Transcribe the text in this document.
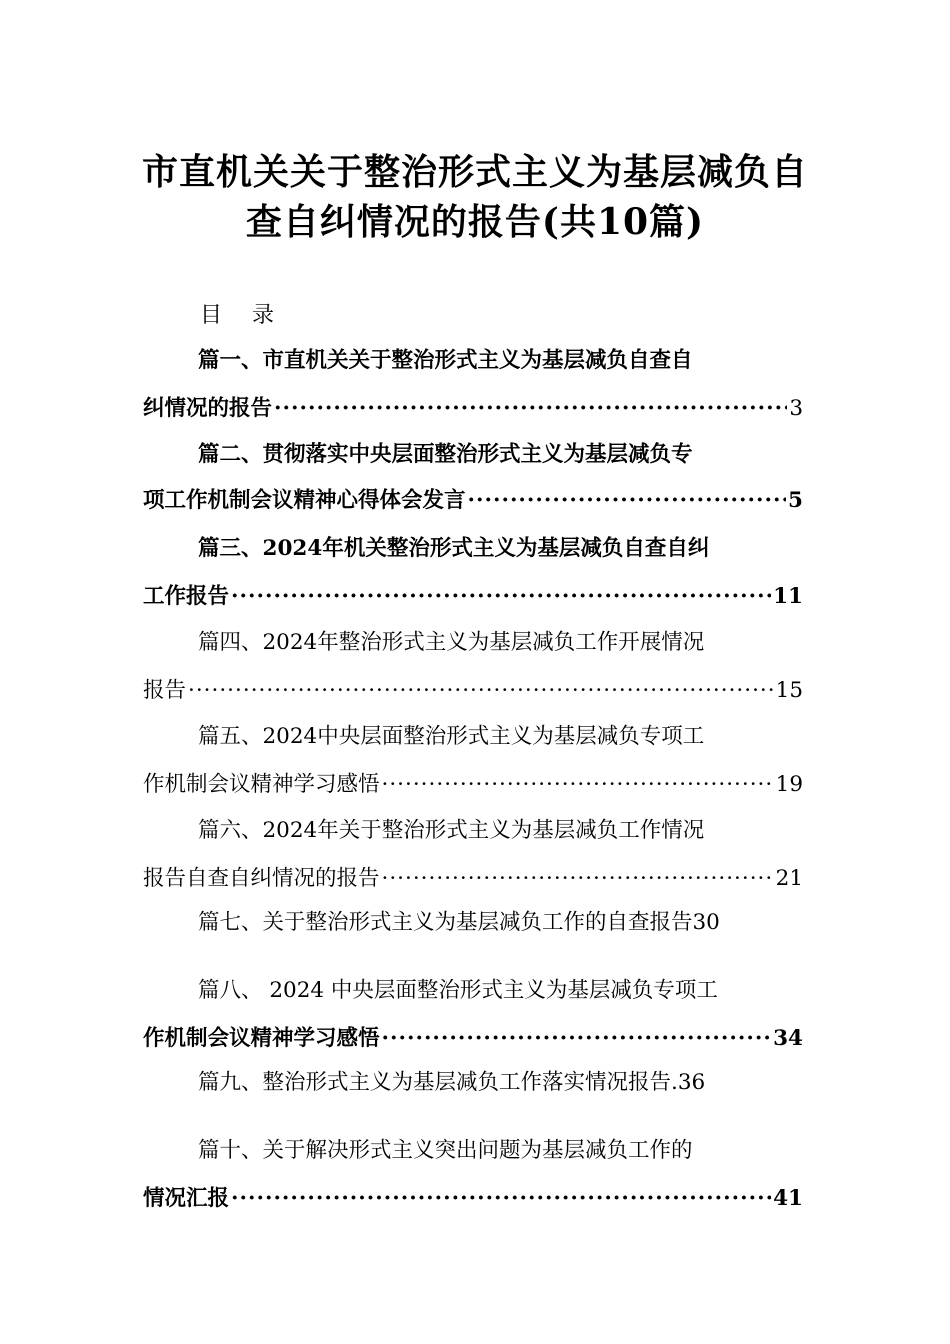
市直机关关于整治形式主义为基层减负自
查自纠情况的报告(共10篇)
目 录
篇一、市直机关关于整治形式主义为基层减负自查自
纠情况的报告 ·····	3
篇二、贯彻落实中央层面整治形式主义为基层减负专
项工作机制会议精神心得体会发言 ·····	5
篇三、2024年机关整治形式主义为基层减负自查自纠
工作报告 ·····	11
篇四、2024年整治形式主义为基层减负工作开展情况
报告 ·····	15
篇五、2024中央层面整治形式主义为基层减负专项工
作机制会议精神学习感悟 ·····	19
篇六、2024年关于整治形式主义为基层减负工作情况
报告自查自纠情况的报告 ·····	21
篇七、关于整治形式主义为基层减负工作的自查报告30
篇八、 2024 中央层面整治形式主义为基层减负专项工
作机制会议精神学习感悟 ·····	34
篇九、整治形式主义为基层减负工作落实情况报告.36
篇十、关于解决形式主义突出问题为基层减负工作的
情况汇报 ·····	41
